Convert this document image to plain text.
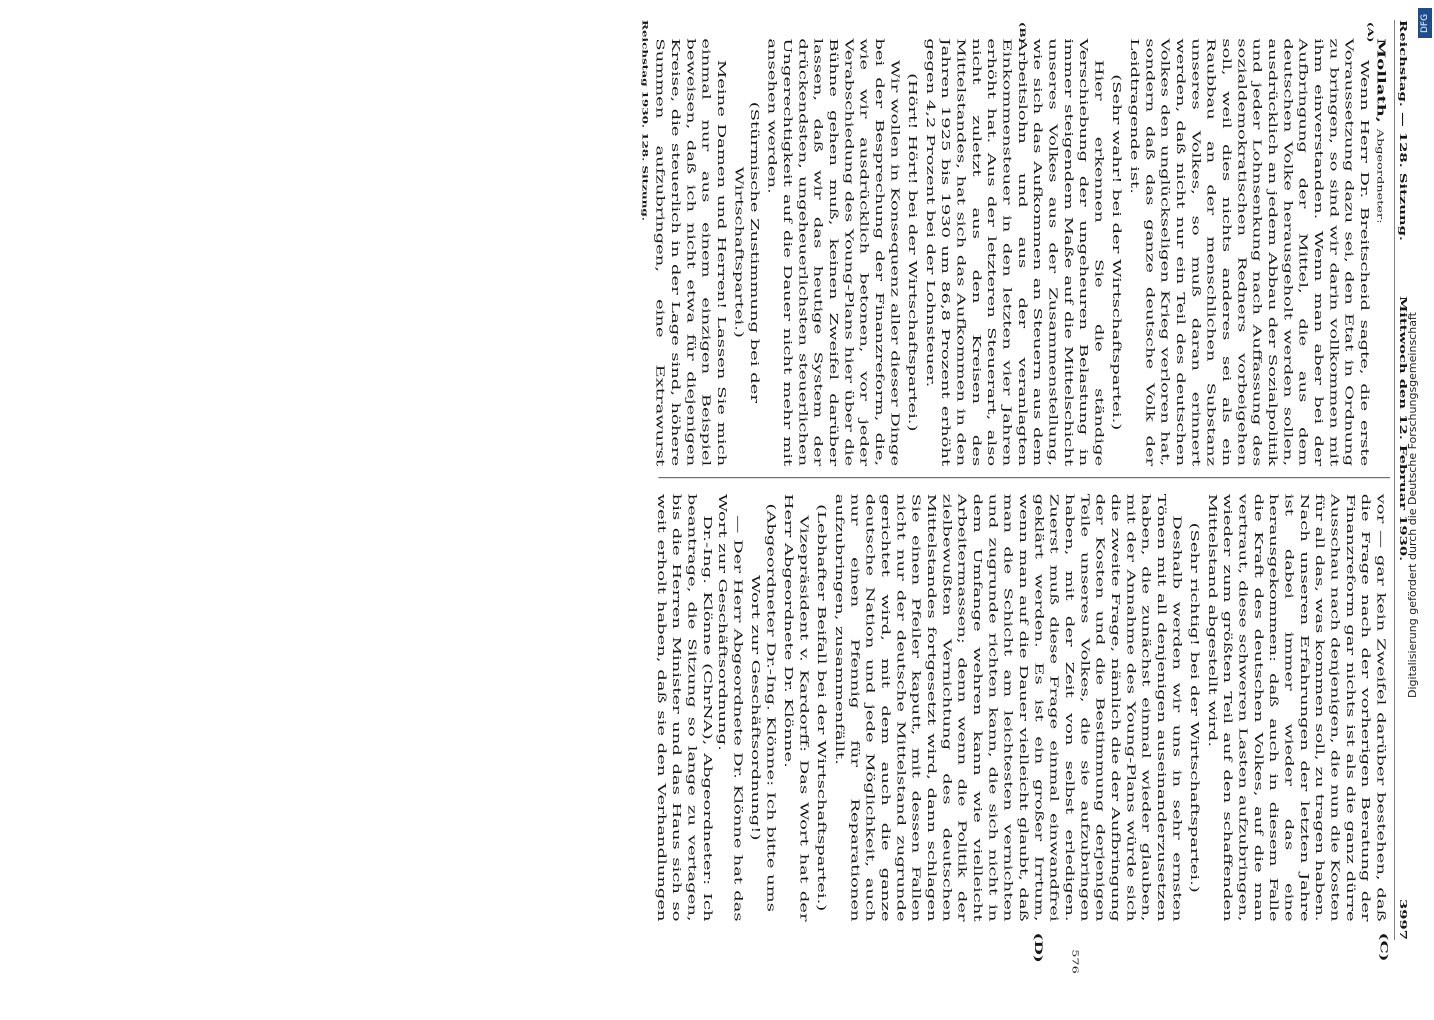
DFG
Digitalisierung gefördert durch die Deutsche Forschungsgemeinschaft
Reichstag. — 128. Sitzung.
Mittwoch den 12. Februar 1930.
3997
(A)
(B)
(C)
(D)

Mollath, Abgeordneter:

Wenn Herr Dr. Breitscheid sagte, die erste Voraussetzung dazu sei, den Etat in Ordnung zu bringen, so sind wir darin vollkommen mit ihm einverstanden. Wenn man aber bei der Aufbringung der Mittel, die aus dem deutschen Volke herausgeholt werden sollen, ausdrücklich an jedem Abbau der Sozialpolitik und jeder Lohnsenkung nach Auffassung des sozialdemokratischen Redners vorbeigehen soll, weil dies nichts anderes sei als ein Raubbau an der menschlichen Substanz unseres Volkes, so muß daran erinnert werden, daß nicht nur ein Teil des deutschen Volkes den unglückseligen Krieg verloren hat, sondern daß das ganze deutsche Volk der Leidtragende ist.

(Sehr wahr! bei der Wirtschaftspartei.)

Hier erkennen Sie die ständige Verschiebung der ungeheuren Belastung in immer steigendem Maße auf die Mittelschicht unseres Volkes aus der Zusammenstellung, wie sich das Aufkommen an Steuern aus dem Arbeitslohn und aus der veranlagten Einkommensteuer in den letzten vier Jahren erhöht hat. Aus der letzteren Steuerart, also nicht zuletzt aus den Kreisen des Mittelstandes, hat sich das Aufkommen in den Jahren 1925 bis 1930 um 86,8 Prozent erhöht gegen 4,2 Prozent bei der Lohnsteuer.

(Hört! Hört! bei der Wirtschaftspartei.)

Wir wollen in Konsequenz aller dieser Dinge bei der Besprechung der Finanzreform, die, wie wir ausdrücklich betonen, vor jeder Verabschiedung des Young-Plans hier über die Bühne gehen muß, keinen Zweifel darüber lassen, daß wir das heutige System der drückendsten, ungeheuerlichsten steuerlichen Ungerechtigkeit auf die Dauer nicht mehr mit ansehen werden.

(Stürmische Zustimmung bei der Wirtschaftspartei.)

Meine Damen und Herren! Lassen Sie mich einmal nur aus einem einzigen Beispiel beweisen, daß ich nicht etwa für diejenigen Kreise, die steuerlich in der Lage sind, höhere Summen aufzubringen, eine Extrawurst

vor — gar kein Zweifel darüber bestehen, daß die Frage nach der vorherigen Beratung der Finanzreform gar nichts ist als die ganz dürre Ausschau nach denjenigen, die nun die Kosten für all das, was kommen soll, zu tragen haben. Nach unseren Erfahrungen der letzten Jahre ist dabei immer wieder das eine herausgekommen: daß auch in diesem Falle die Kraft des deutschen Volkes, auf die man vertraut, diese schweren Lasten aufzubringen, wieder zum größten Teil auf den schaffenden Mittelstand abgestellt wird.

(Sehr richtig! bei der Wirtschaftspartei.)

Deshalb werden wir uns in sehr ernsten Tönen mit all denjenigen auseinanderzusetzen haben, die zunächst einmal wieder glauben, mit der Annahme des Young-Plans würde sich die zweite Frage, nämlich die der Aufbringung der Kosten und die Bestimmung derjenigen Teile unseres Volkes, die sie aufzubringen haben, mit der Zeit von selbst erledigen. Zuerst muß diese Frage einmal einwandfrei geklärt werden. Es ist ein großer Irrtum, wenn man auf die Dauer vielleicht glaubt, daß man die Schicht am leichtesten vernichten und zugrunde richten kann, die sich nicht in dem Umfange wehren kann wie vielleicht Arbeitermassen; denn wenn die Politik der zielbewußten Vernichtung des deutschen Mittelstandes fortgesetzt wird, dann schlagen Sie einen Pfeiler kaputt, mit dessen Fallen nicht nur der deutsche Mittelstand zugrunde gerichtet wird, mit dem auch die ganze deutsche Nation und jede Möglichkeit, auch nur einen Pfennig für Reparationen aufzubringen, zusammenfällt.

(Lebhafter Beifall bei der Wirtschaftspartei.)

Vizepräsident v. Kardorff: Das Wort hat der Herr Abgeordnete Dr. Klönne.

(Abgeordneter Dr.-Ing. Klönne: Ich bitte ums Wort zur Geschäftsordnung!)

— Der Herr Abgeordnete Dr. Klönne hat das Wort zur Geschäftsordnung.

Dr.-Ing. Klönne (ChrNA), Abgeordneter: Ich beantrage, die Sitzung so lange zu vertagen, bis die Herren Minister und das Haus sich so weit erholt haben, daß sie den Verhandlungen

576
Reichstag 1930. 128. Sitzung.
